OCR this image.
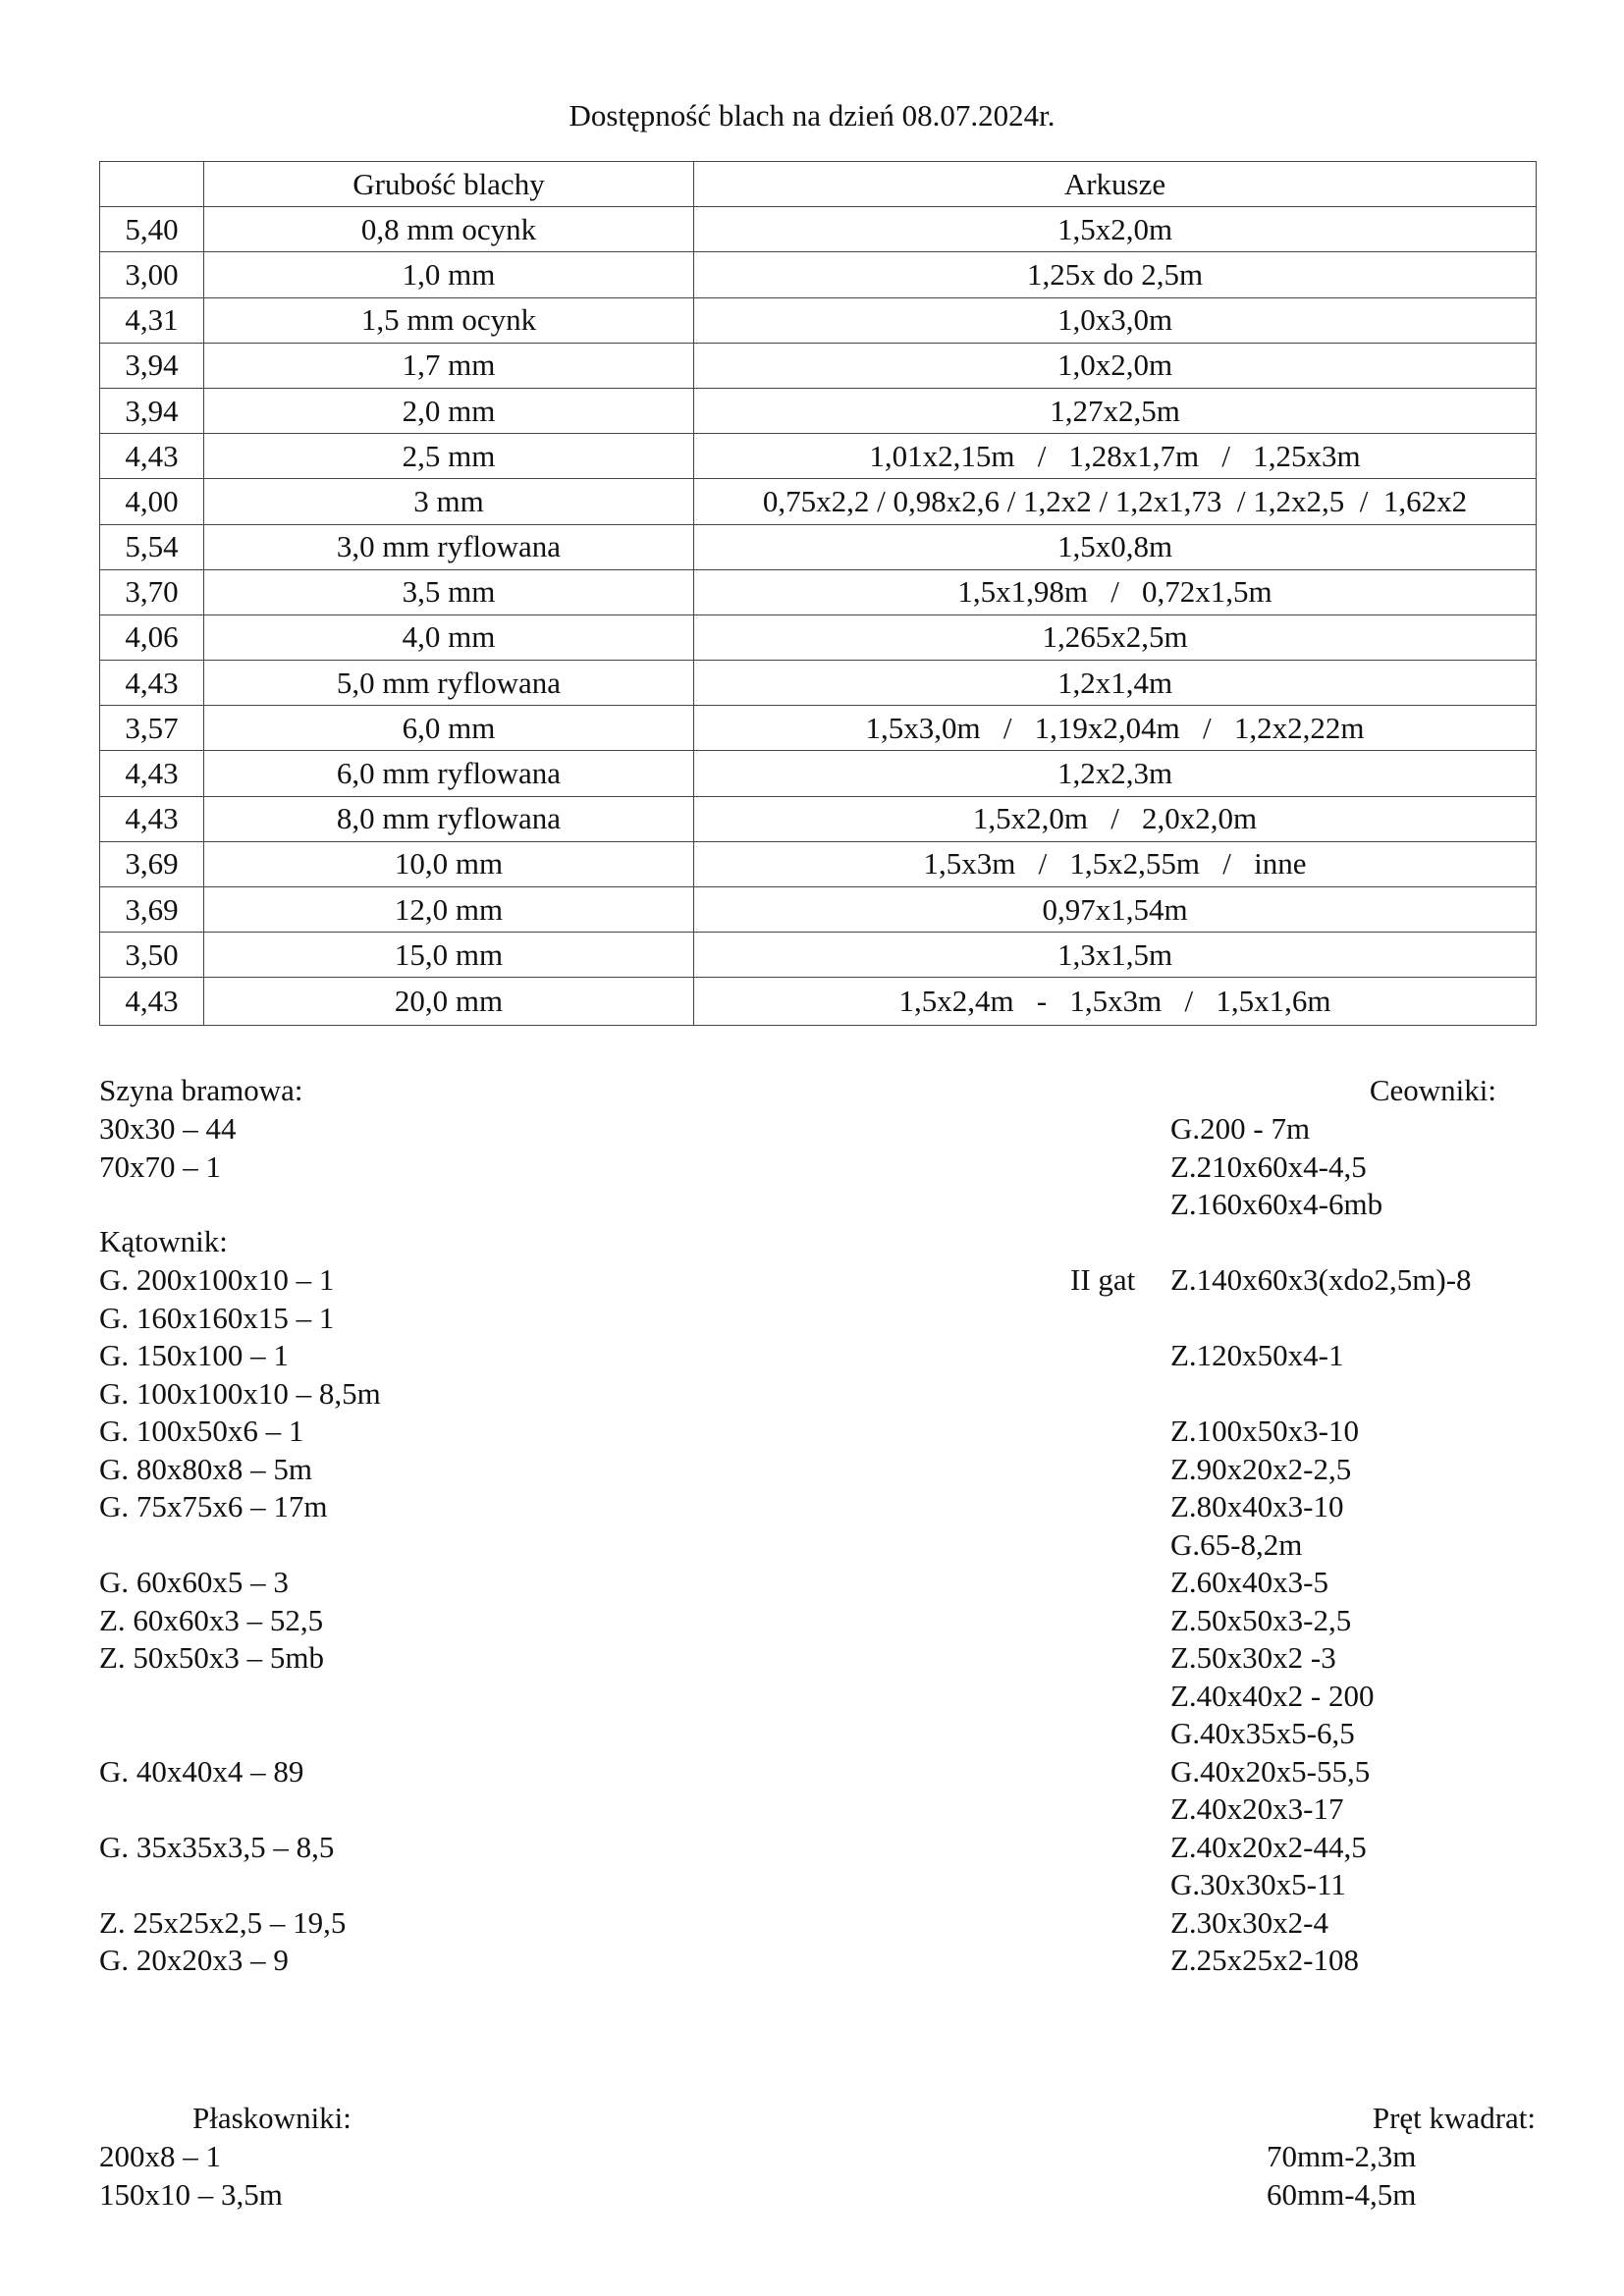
Dostępność blach na dzień 08.07.2024r.
	Grubość blachy	Arkusze
5,40	0,8 mm ocynk	1,5x2,0m
3,00	1,0 mm	1,25x do 2,5m
4,31	1,5 mm ocynk	1,0x3,0m
3,94	1,7 mm	1,0x2,0m
3,94	2,0 mm	1,27x2,5m
4,43	2,5 mm	1,01x2,15m   /   1,28x1,7m   /   1,25x3m
4,00	3 mm	0,75x2,2 / 0,98x2,6 / 1,2x2 / 1,2x1,73  / 1,2x2,5  /  1,62x2
5,54	3,0 mm ryflowana	1,5x0,8m
3,70	3,5 mm	1,5x1,98m   /   0,72x1,5m
4,06	4,0 mm	1,265x2,5m
4,43	5,0 mm ryflowana	1,2x1,4m
3,57	6,0 mm	1,5x3,0m   /   1,19x2,04m   /   1,2x2,22m
4,43	6,0 mm ryflowana	1,2x2,3m
4,43	8,0 mm ryflowana	1,5x2,0m   /   2,0x2,0m
3,69	10,0 mm	1,5x3m   /   1,5x2,55m   /   inne
3,69	12,0 mm	0,97x1,54m
3,50	15,0 mm	1,3x1,5m
4,43	20,0 mm	1,5x2,4m   -   1,5x3m   /   1,5x1,6m
Szyna bramowa:
30x30 – 44
70x70 – 1
Kątownik:
G. 200x100x10 – 1
G. 160x160x15 – 1
G. 150x100 – 1
G. 100x100x10 – 8,5m
G. 100x50x6 – 1
G. 80x80x8 – 5m
G. 75x75x6 – 17m
G. 60x60x5 – 3
Z. 60x60x3 – 52,5
Z. 50x50x3 – 5mb
G. 40x40x4 – 89
G. 35x35x3,5 – 8,5
Z. 25x25x2,5 – 19,5
G. 20x20x3 – 9
Ceowniki:
G.200 - 7m
Z.210x60x4-4,5
Z.160x60x4-6mb
Z.140x60x3(xdo2,5m)-8
Z.120x50x4-1
Z.100x50x3-10
Z.90x20x2-2,5
Z.80x40x3-10
G.65-8,2m
Z.60x40x3-5
Z.50x50x3-2,5
Z.50x30x2 -3
Z.40x40x2 - 200
G.40x35x5-6,5
G.40x20x5-55,5
Z.40x20x3-17
Z.40x20x2-44,5
G.30x30x5-11
Z.30x30x2-4
Z.25x25x2-108
II gat
Płaskowniki:
200x8 – 1
150x10 – 3,5m
Pręt kwadrat:
70mm-2,3m
60mm-4,5m
